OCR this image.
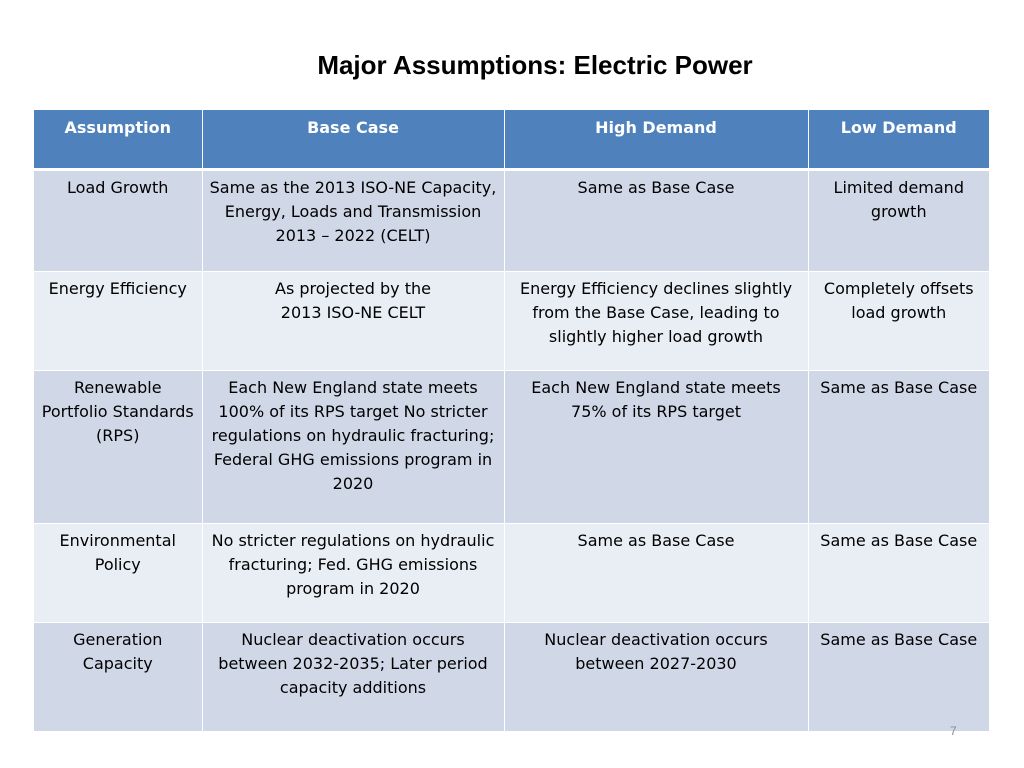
Major Assumptions: Electric Power
Assumption	Base Case	High Demand	Low Demand
Load Growth	Same as the 2013 ISO-NE Capacity, Energy, Loads and Transmission 2013 – 2022 (CELT)	Same as Base Case	Limited demand growth
Energy Efficiency	As projected by the 2013 ISO-NE CELT	Energy Efficiency declines slightly from the Base Case, leading to slightly higher load growth	Completely offsets load growth
Renewable Portfolio Standards (RPS)	Each New England state meets 100% of its RPS target No stricter regulations on hydraulic fracturing; Federal GHG emissions program in 2020	Each New England state meets 75% of its RPS target	Same as Base Case
Environmental Policy	No stricter regulations on hydraulic fracturing; Fed. GHG emissions program in 2020	Same as Base Case	Same as Base Case
Generation Capacity	Nuclear deactivation occurs between 2032-2035; Later period capacity additions	Nuclear deactivation occurs between 2027-2030	Same as Base Case
7
